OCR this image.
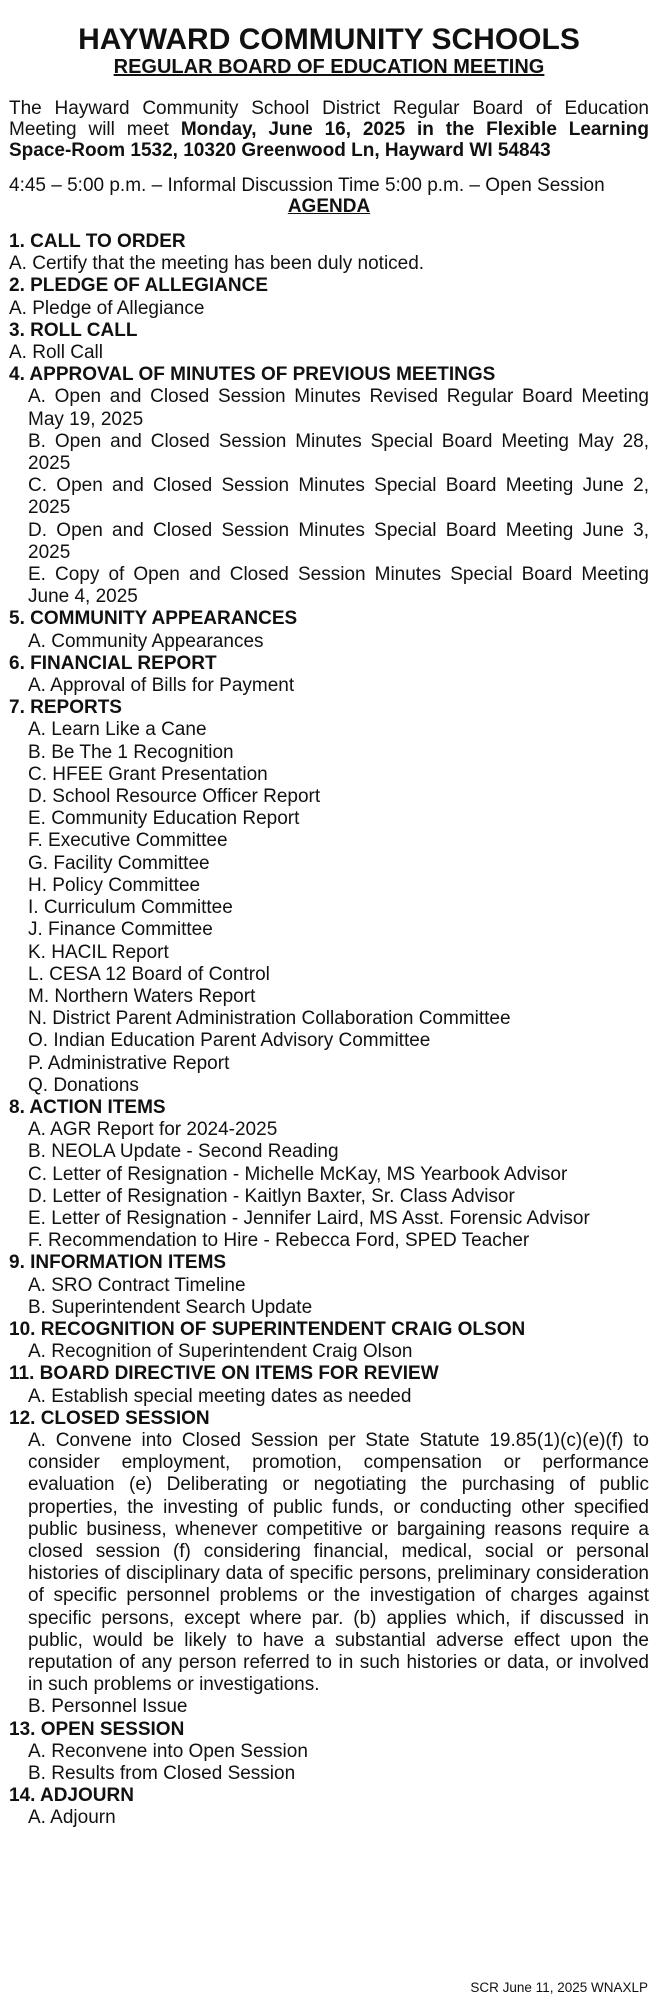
HAYWARD COMMUNITY SCHOOLS
REGULAR BOARD OF EDUCATION MEETING

The Hayward Community School District Regular Board of Education Meeting will meet Monday, June 16, 2025 in the Flexible Learning Space-Room 1532, 10320 Greenwood Ln, Hayward WI 54843

4:45 – 5:00 p.m. – Informal Discussion Time 5:00 p.m. – Open Session

AGENDA
1. CALL TO ORDER
A. Certify that the meeting has been duly noticed.
2. PLEDGE OF ALLEGIANCE
A. Pledge of Allegiance
3. ROLL CALL
A. Roll Call
4. APPROVAL OF MINUTES OF PREVIOUS MEETINGS
A. Open and Closed Session Minutes Revised Regular Board Meeting May 19, 2025
B. Open and Closed Session Minutes Special Board Meeting May 28, 2025
C. Open and Closed Session Minutes Special Board Meeting June 2, 2025
D. Open and Closed Session Minutes Special Board Meeting June 3, 2025
E. Copy of Open and Closed Session Minutes Special Board Meeting June 4, 2025
5. COMMUNITY APPEARANCES
A. Community Appearances
6. FINANCIAL REPORT
A. Approval of Bills for Payment
7. REPORTS
A. Learn Like a Cane
B. Be The 1 Recognition
C. HFEE Grant Presentation
D. School Resource Officer Report
E. Community Education Report
F. Executive Committee
G. Facility Committee
H. Policy Committee
I. Curriculum Committee
J. Finance Committee
K. HACIL Report
L. CESA 12 Board of Control
M. Northern Waters Report
N. District Parent Administration Collaboration Committee
O. Indian Education Parent Advisory Committee
P. Administrative Report
Q. Donations
8. ACTION ITEMS
A. AGR Report for 2024-2025
B. NEOLA Update - Second Reading
C. Letter of Resignation - Michelle McKay, MS Yearbook Advisor
D. Letter of Resignation - Kaitlyn Baxter, Sr. Class Advisor
E. Letter of Resignation - Jennifer Laird, MS Asst. Forensic Advisor
F. Recommendation to Hire - Rebecca Ford, SPED Teacher
9. INFORMATION ITEMS
A. SRO Contract Timeline
B. Superintendent Search Update
10. RECOGNITION OF SUPERINTENDENT CRAIG OLSON
A. Recognition of Superintendent Craig Olson
11. BOARD DIRECTIVE ON ITEMS FOR REVIEW
A. Establish special meeting dates as needed
12. CLOSED SESSION
A. Convene into Closed Session per State Statute 19.85(1)(c)(e)(f) to consider employment, promotion, compensation or performance evaluation (e) Deliberating or negotiating the purchasing of public properties, the investing of public funds, or conducting other specified public business, whenever competitive or bargaining reasons require a closed session (f) considering financial, medical, social or personal histories of disciplinary data of specific persons, preliminary consideration of specific personnel problems or the investigation of charges against specific persons, except where par. (b) applies which, if discussed in public, would be likely to have a substantial adverse effect upon the reputation of any person referred to in such histories or data, or involved in such problems or investigations.
B. Personnel Issue
13. OPEN SESSION
A. Reconvene into Open Session
B. Results from Closed Session
14. ADJOURN
A. Adjourn
SCR June 11, 2025 WNAXLP
